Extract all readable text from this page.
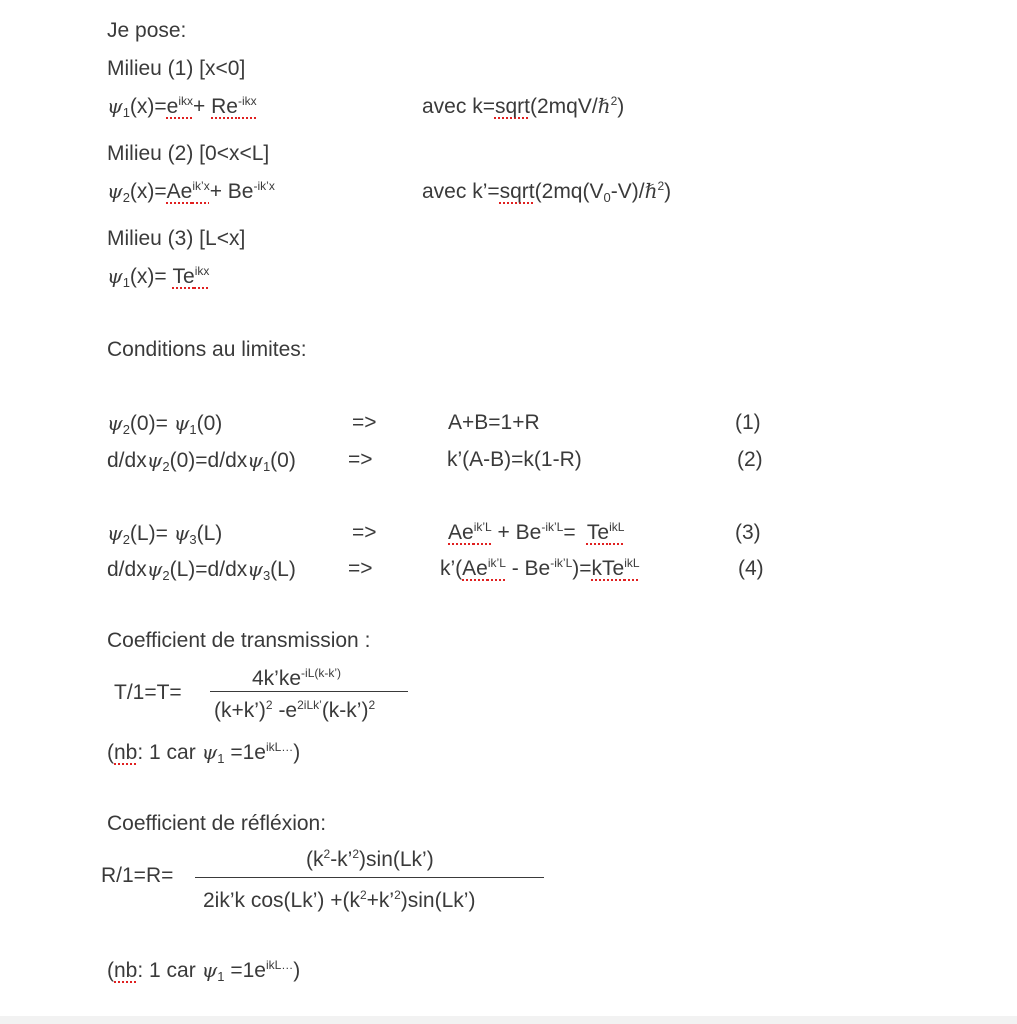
Je pose:
Milieu (1) [x<0]
$\psi_1(x)=e^{ikx}+ Re^{-ikx}$	avec k=sqrt(2mqV/ℏ$^2$)
Milieu (2) [0<x<L]
$\psi_2(x)=Ae^{ik’x}+ Be^{-ik’x}$	avec $k’=sqrt(2mq(V_0-V)/\hbar^2)$
Milieu (3) [L<x]
$\psi_1(x)= Te^{ikx}$
Conditions au limites:
$\psi_2(0)= \psi_1(0)$	=>	A+B=1+R	(1)
d/dxψ$_2$(0)=d/dxψ$_1$(0) =>	k’(A-B)=k(1-R)	(2)
$\psi_2(L)= \psi_3(L)$	=>	$Ae^{ik’L} + Be^{-ik’L}= Te^{ikL}$	(3)
d/dxψ$_2$(L)=d/dxψ$_3$(L) =>	$k’(Ae^{ik’L} - Be^{-ik’L})=kTe^{ikL}$	(4)
Coefficient de transmission :
T/1=T=
$4k’ke^{-iL(k-k’)}$
(k+k’)$^2$ $-e^{2iLk’}(k-k’)^2$
(nb: 1 car $\psi_1 =1e^{ikL\dots}$)
Coefficient de réfléxion:
R/1=R=
$(k^2-k’^2)\sin(Lk’)$
2ik’k cos(Lk’) $+(k^2+k’^2)\sin(Lk’)$
(nb: 1 car $\psi_1 =1e^{ikL\dots}$)
